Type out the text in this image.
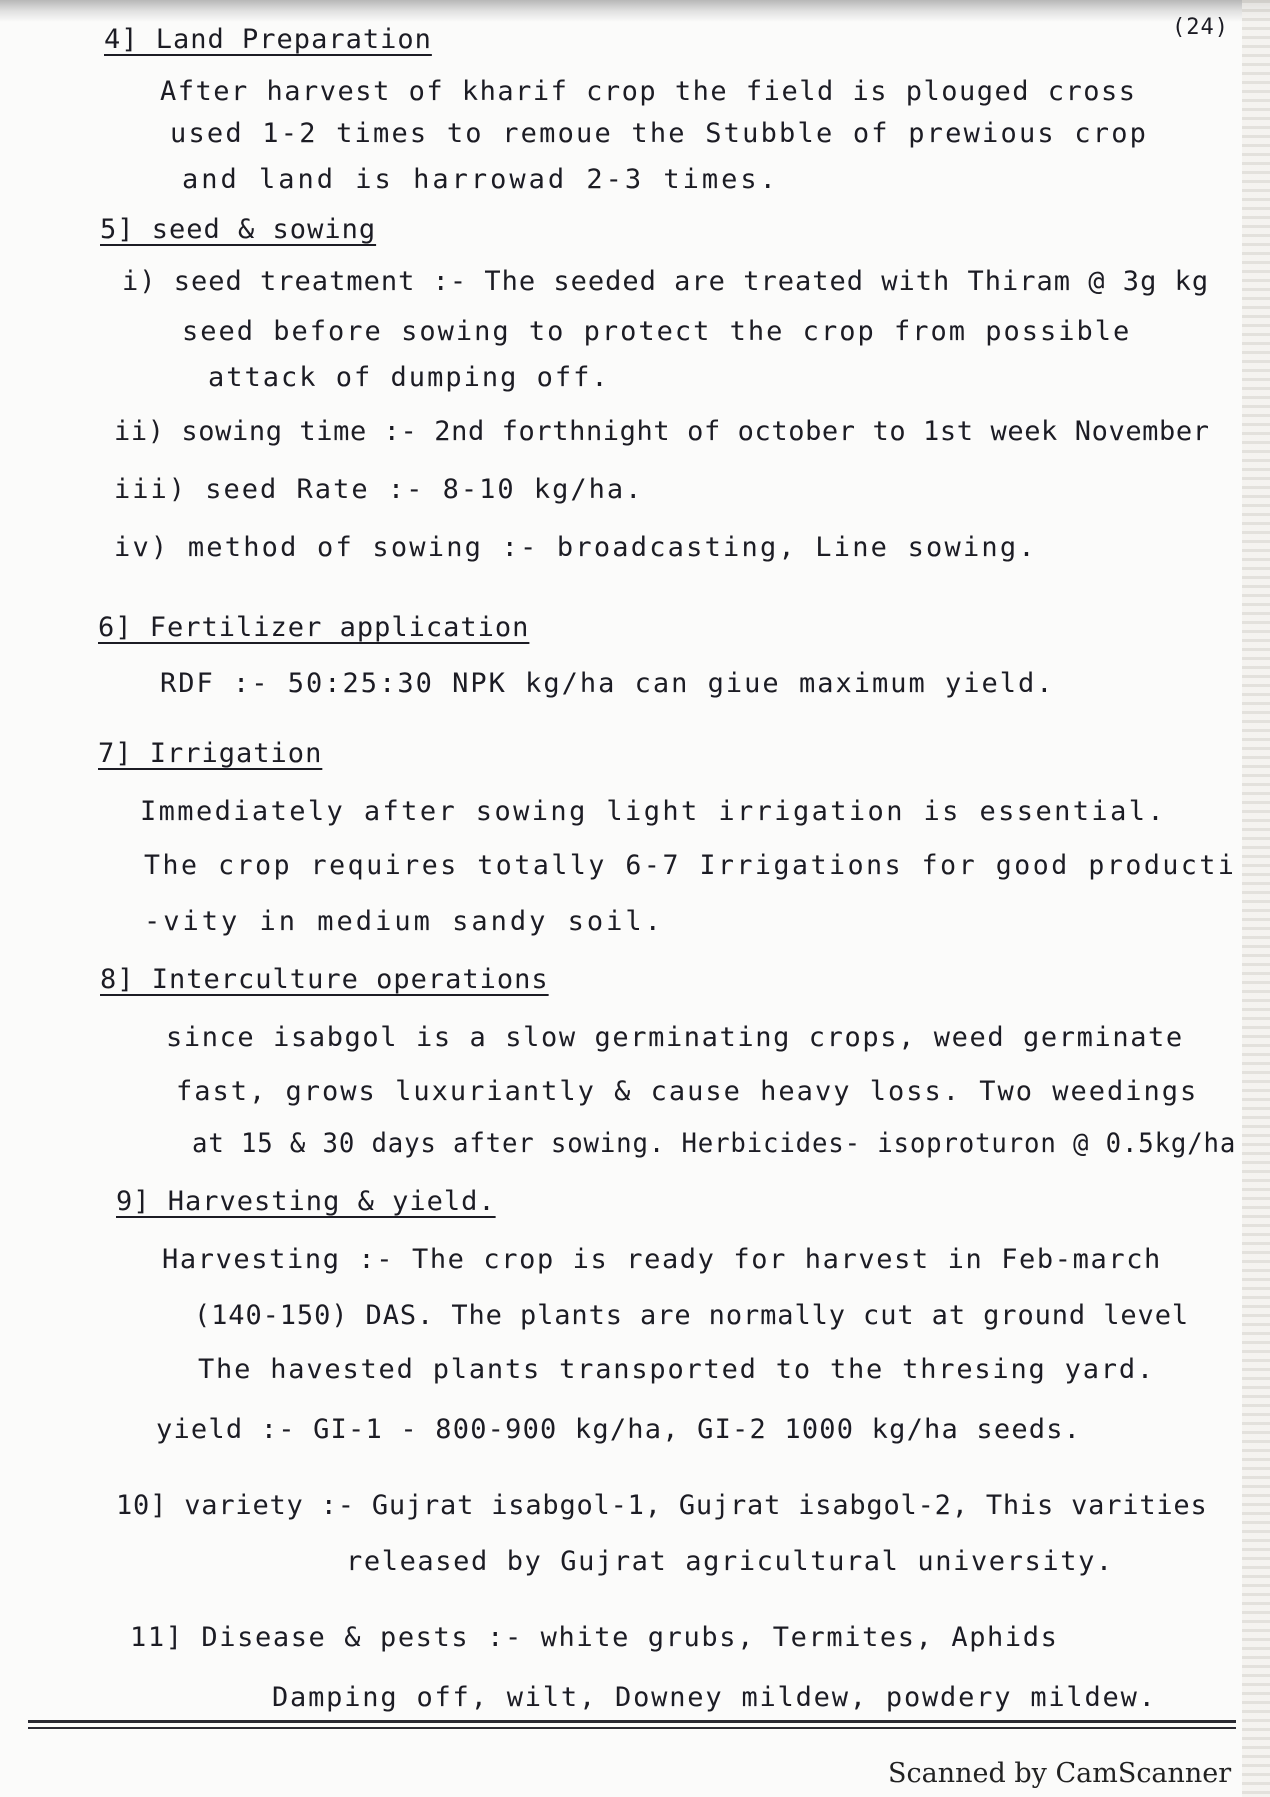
(24)
4] Land Preparation
After harvest of kharif crop the field is plouged cross
used 1-2 times to remoue the Stubble of prewious crop
and land is harrowad 2-3 times.
5] seed & sowing
i) seed treatment :- The seeded are treated with Thiram @ 3g kg
seed before sowing to protect the crop from possible
attack of dumping off.
ii) sowing time :- 2nd forthnight of october to 1st week November
iii) seed Rate :- 8-10 kg/ha.
iv) method of sowing :- broadcasting, Line sowing.
6] Fertilizer application
RDF :- 50:25:30 NPK kg/ha can giue maximum yield.
7] Irrigation
Immediately after sowing light irrigation is essential.
The crop requires totally 6-7 Irrigations for good producti
-vity in medium sandy soil.
8] Interculture operations
since isabgol is a slow germinating crops, weed germinate
fast, grows luxuriantly & cause heavy loss. Two weedings
at 15 & 30 days after sowing. Herbicides- isoproturon @ 0.5kg/ha
9] Harvesting & yield.
Harvesting :- The crop is ready for harvest in Feb-march
(140-150) DAS. The plants are normally cut at ground level
The havested plants transported to the thresing yard.
yield :- GI-1 - 800-900 kg/ha, GI-2 1000 kg/ha seeds.
10] variety :- Gujrat isabgol-1, Gujrat isabgol-2, This varities
released by Gujrat agricultural university.
11] Disease & pests :- white grubs, Termites, Aphids
Damping off, wilt, Downey mildew, powdery mildew.
Scanned by CamScanner
